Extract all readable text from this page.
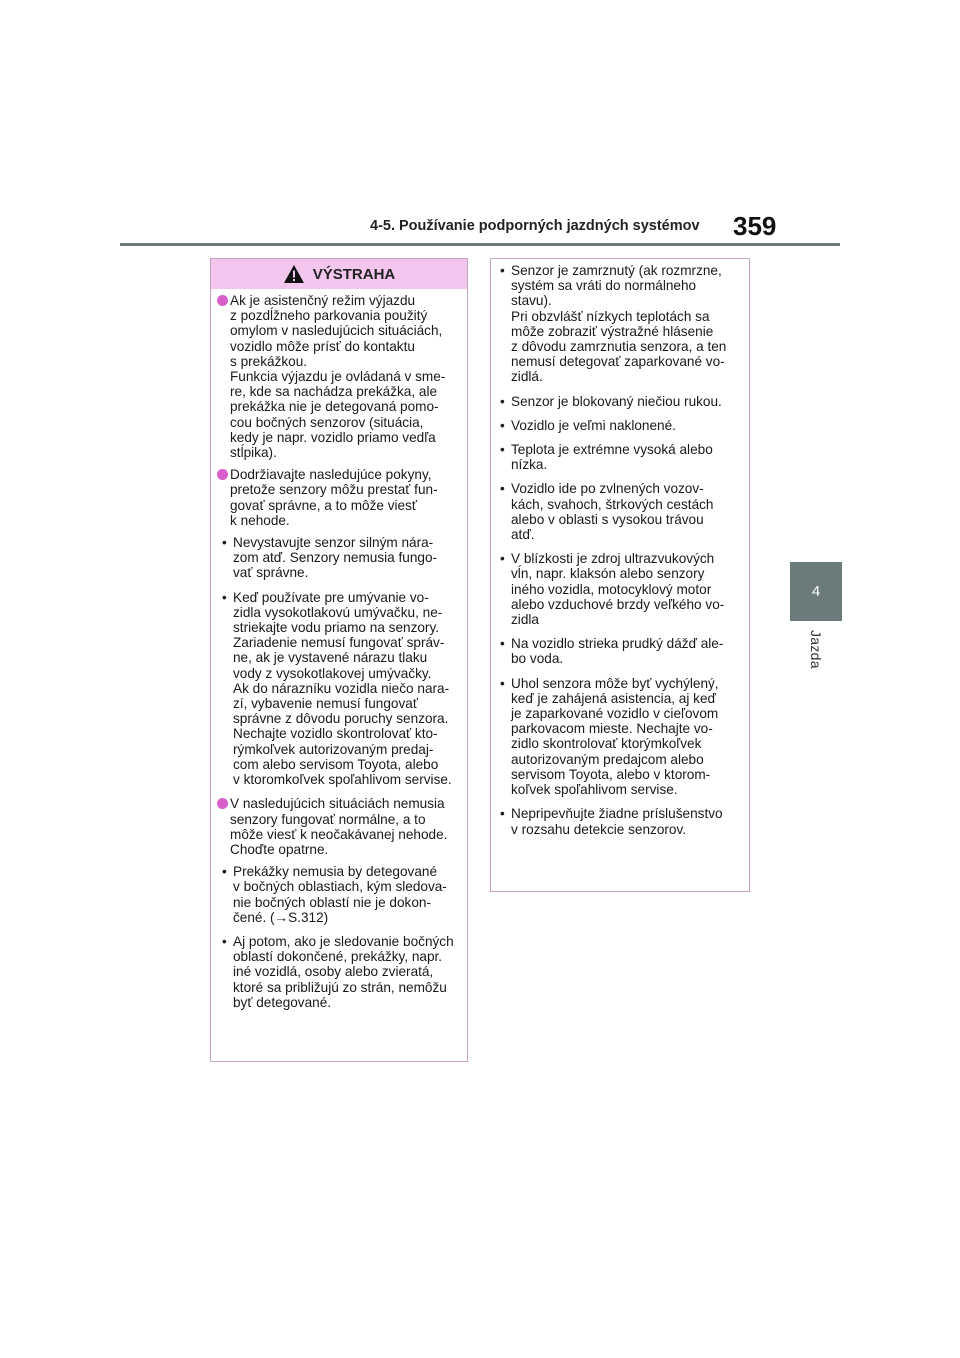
4-5. Používanie podporných jazdných systémov 359
4
Jazda
VÝSTRAHA
Ak je asistenčný režim výjazdu
z pozdĺžneho parkovania použitý
omylom v nasledujúcich situáciách,
vozidlo môže prísť do kontaktu
s prekážkou.
Funkcia výjazdu je ovládaná v sme-
re, kde sa nachádza prekážka, ale
prekážka nie je detegovaná pomo-
cou bočných senzorov (situácia,
kedy je napr. vozidlo priamo vedľa
stĺpika).
Dodržiavajte nasledujúce pokyny,
pretože senzory môžu prestať fun-
govať správne, a to môže viesť
k nehode.
• Nevystavujte senzor silným nára-
zom atď. Senzory nemusia fungo-
vať správne.
• Keď používate pre umývanie vo-
zidla vysokotlakovú umývačku, ne-
striekajte vodu priamo na senzory.
Zariadenie nemusí fungovať správ-
ne, ak je vystavené nárazu tlaku
vody z vysokotlakovej umývačky.
Ak do nárazníku vozidla niečo nara-
zí, vybavenie nemusí fungovať
správne z dôvodu poruchy senzora.
Nechajte vozidlo skontrolovať kto-
rýmkoľvek autorizovaným predaj-
com alebo servisom Toyota, alebo
v ktoromkoľvek spoľahlivom servise.
V nasledujúcich situáciách nemusia
senzory fungovať normálne, a to
môže viesť k neočakávanej nehode.
Choďte opatrne.
• Prekážky nemusia by detegované
v bočných oblastiach, kým sledova-
nie bočných oblastí nie je dokon-
čené. (→S.312)
• Aj potom, ako je sledovanie bočných
oblastí dokončené, prekážky, napr.
iné vozidlá, osoby alebo zvieratá,
ktoré sa približujú zo strán, nemôžu
byť detegované.
• Senzor je zamrznutý (ak rozmrzne,
systém sa vráti do normálneho
stavu).
Pri obzvlášť nízkych teplotách sa
môže zobraziť výstražné hlásenie
z dôvodu zamrznutia senzora, a ten
nemusí detegovať zaparkované vo-
zidlá.
• Senzor je blokovaný niečiou rukou.
• Vozidlo je veľmi naklonené.
• Teplota je extrémne vysoká alebo
nízka.
• Vozidlo ide po zvlnených vozov-
kách, svahoch, štrkových cestách
alebo v oblasti s vysokou trávou
atď.
• V blízkosti je zdroj ultrazvukových
vĺn, napr. klaksón alebo senzory
iného vozidla, motocyklový motor
alebo vzduchové brzdy veľkého vo-
zidla
• Na vozidlo strieka prudký dážď ale-
bo voda.
• Uhol senzora môže byť vychýlený,
keď je zahájená asistencia, aj keď
je zaparkované vozidlo v cieľovom
parkovacom mieste. Nechajte vo-
zidlo skontrolovať ktorýmkoľvek
autorizovaným predajcom alebo
servisom Toyota, alebo v ktorom-
koľvek spoľahlivom servise.
• Nepripevňujte žiadne príslušenstvo
v rozsahu detekcie senzorov.
